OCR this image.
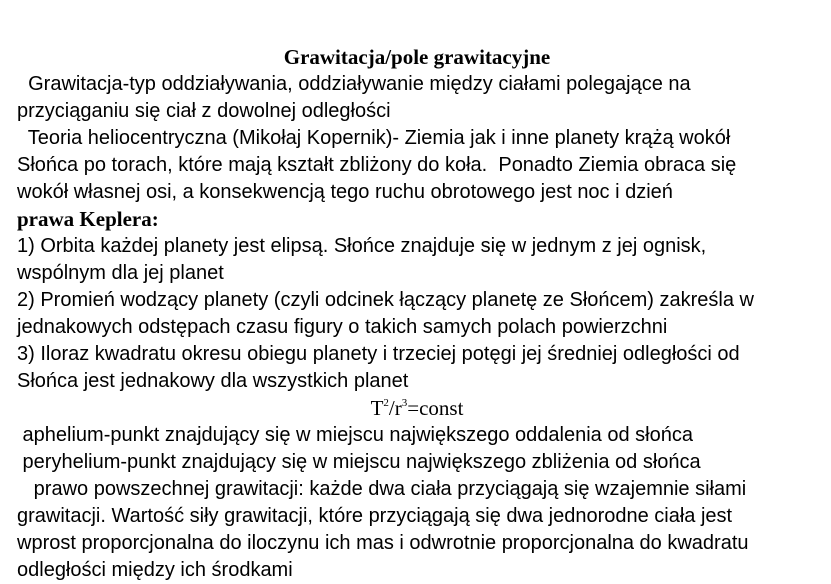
Grawitacja/pole grawitacyjne
Grawitacja-typ oddziaływania, oddziaływanie między ciałami polegające na
przyciąganiu się ciał z dowolnej odległości
Teoria heliocentryczna (Mikołaj Kopernik)- Ziemia jak i inne planety krążą wokół
Słońca po torach, które mają kształt zbliżony do koła.  Ponadto Ziemia obraca się
wokół własnej osi, a konsekwencją tego ruchu obrotowego jest noc i dzień
prawa Keplera:
1) Orbita każdej planety jest elipsą. Słońce znajduje się w jednym z jej ognisk,
wspólnym dla jej planet
2) Promień wodzący planety (czyli odcinek łączący planetę ze Słońcem) zakreśla w
jednakowych odstępach czasu figury o takich samych polach powierzchni
3) Iloraz kwadratu okresu obiegu planety i trzeciej potęgi jej średniej odległości od
Słońca jest jednakowy dla wszystkich planet
$T^2/r^3=const$
aphelium-punkt znajdujący się w miejscu największego oddalenia od słońca
peryhelium-punkt znajdujący się w miejscu największego zbliżenia od słońca
prawo powszechnej grawitacji: każde dwa ciała przyciągają się wzajemnie siłami
grawitacji. Wartość siły grawitacji, które przyciągają się dwa jednorodne ciała jest
wprost proporcjonalna do iloczynu ich mas i odwrotnie proporcjonalna do kwadratu
odległości między ich środkami
